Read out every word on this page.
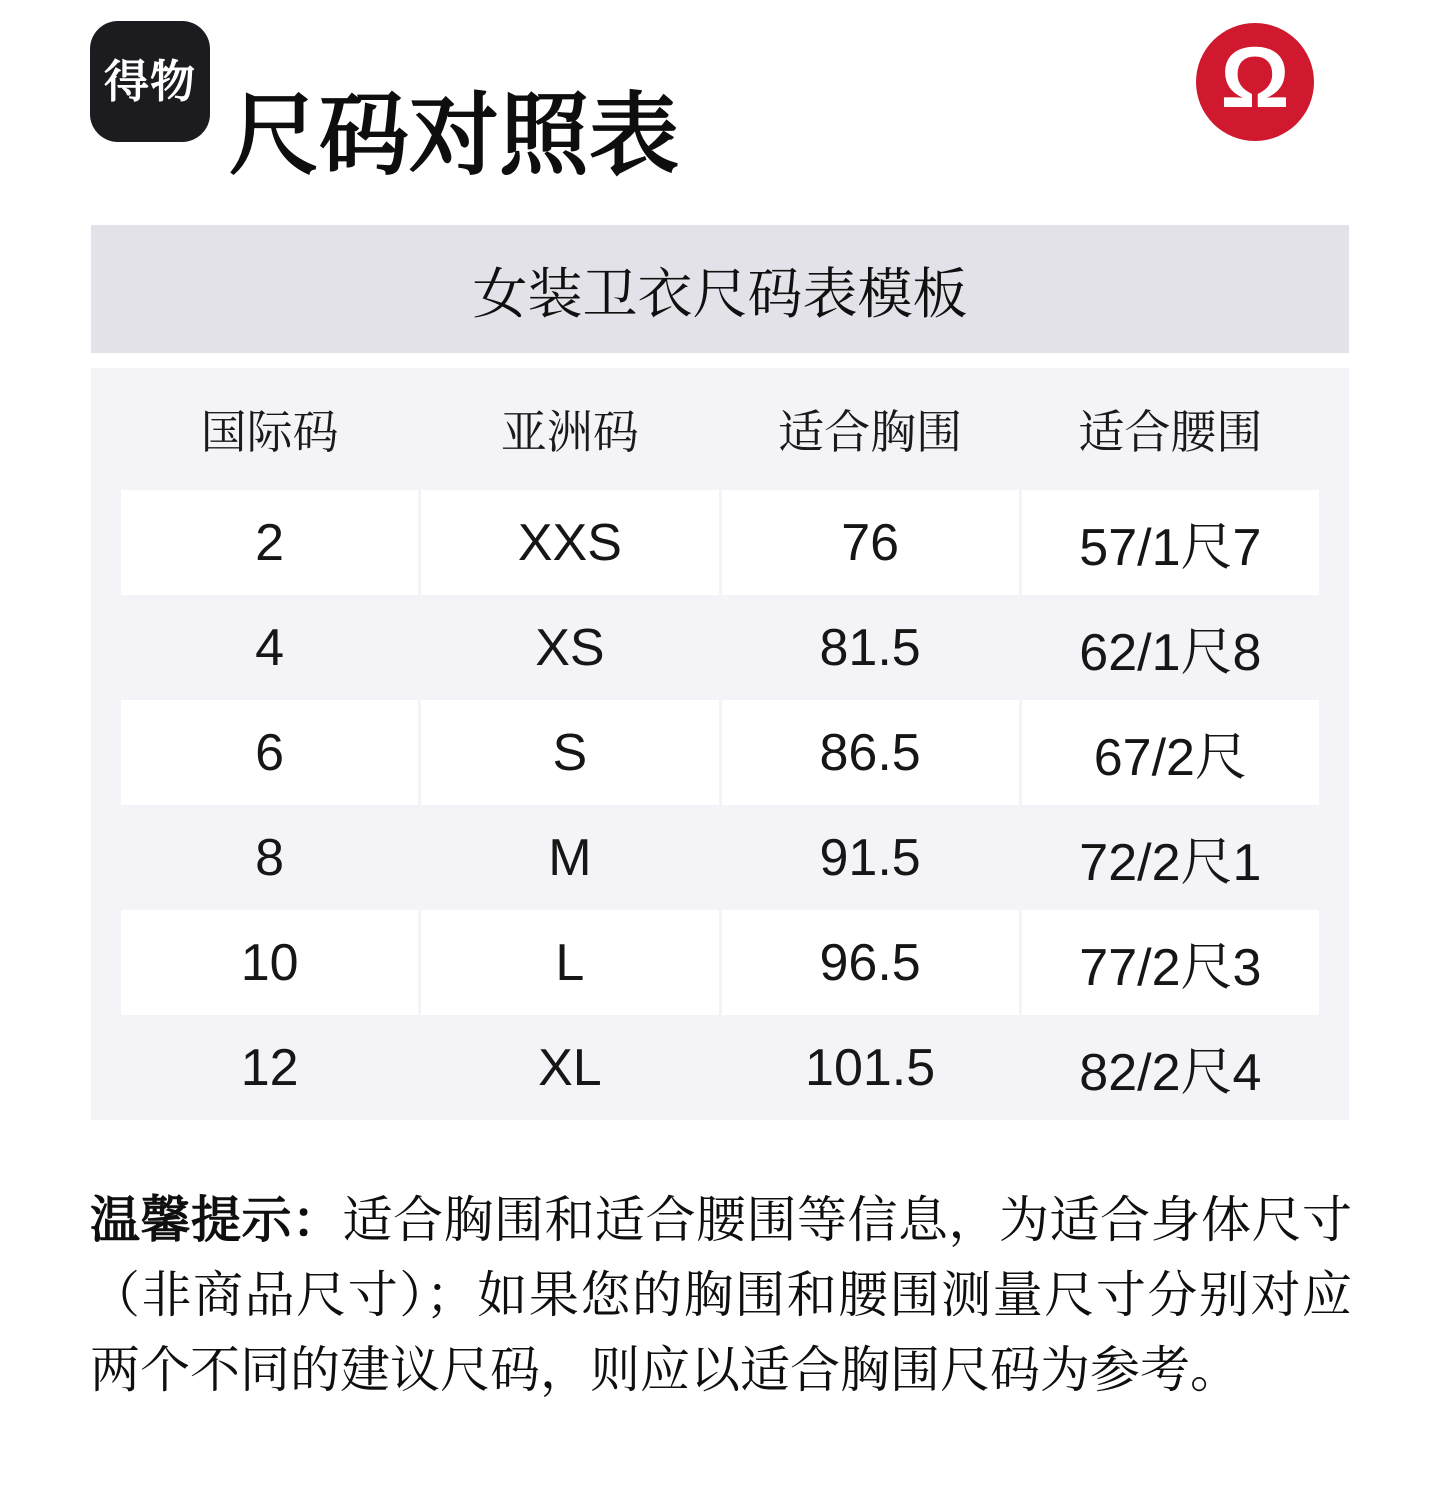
得物
尺码对照表
Ω
女装卫衣尺码表模板
国际码	亚洲码	适合胸围	适合腰围
2	XXS	76	57/1尺7
4	XS	81.5	62/1尺8
6	S	86.5	67/2尺
8	M	91.5	72/2尺1
10	L	96.5	77/2尺3
12	XL	101.5	82/2尺4

温馨提示：适合胸围和适合腰围等信息，为适合身体尺寸（非商品尺寸）；如果您的胸围和腰围测量尺寸分别对应两个不同的建议尺码，则应以适合胸围尺码为参考。
